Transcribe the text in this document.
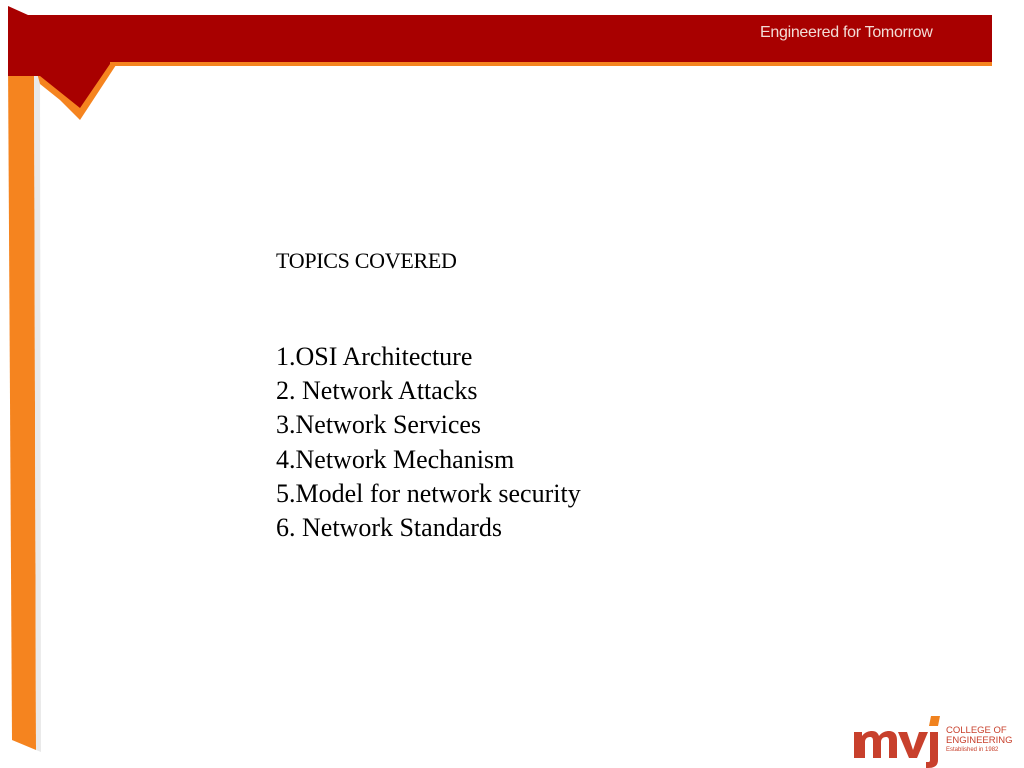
Engineered for Tomorrow
TOPICS COVERED
1.OSI Architecture
2. Network Attacks
3.Network Services
4.Network Mechanism
5.Model for network security
6. Network Standards
COLLEGE OF
ENGINEERING
Established in 1982
